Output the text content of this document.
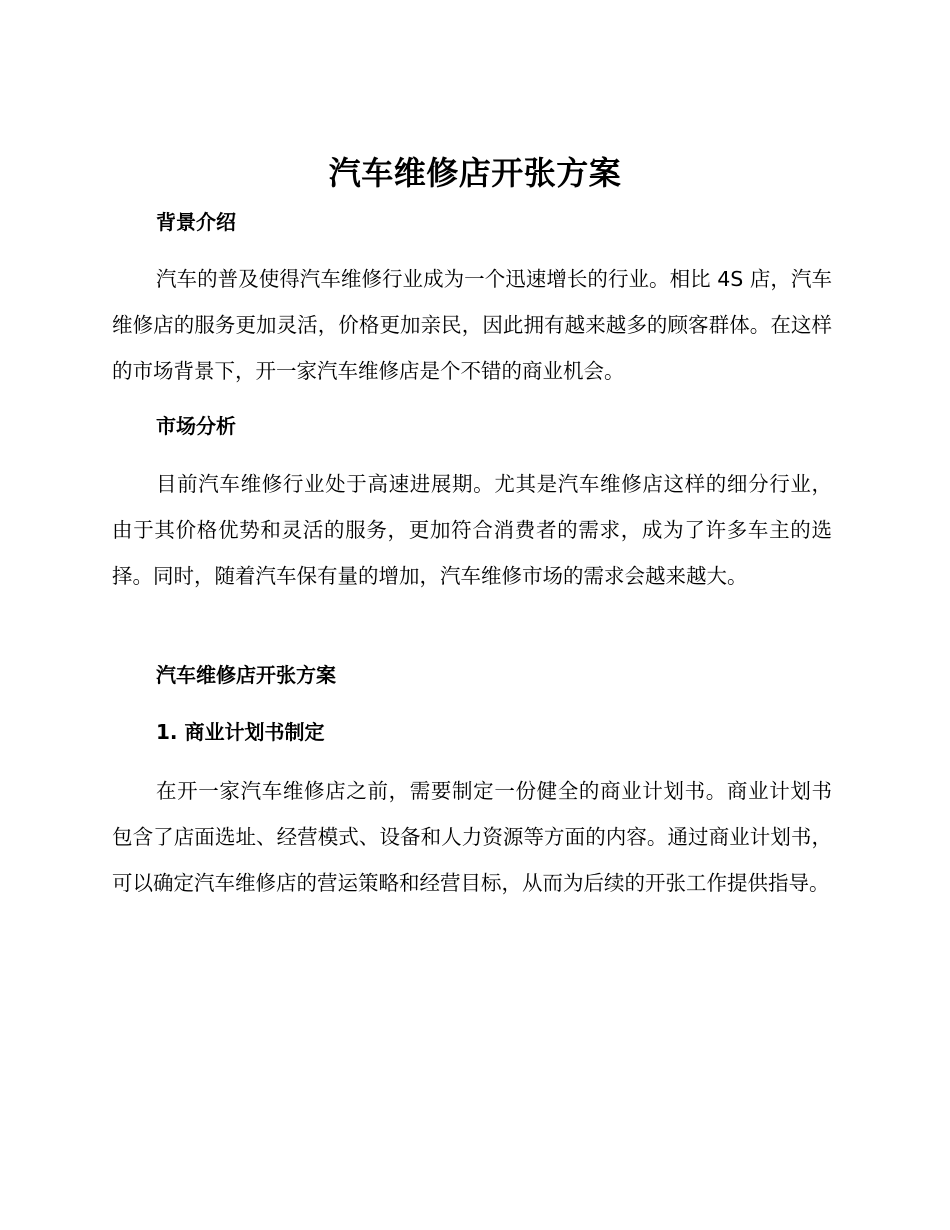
汽车维修店开张方案
背景介绍

汽车的普及使得汽车维修行业成为一个迅速增长的行业。相比 4S 店，汽车维修店的服务更加灵活，价格更加亲民，因此拥有越来越多的顾客群体。在这样的市场背景下，开一家汽车维修店是个不错的商业机会。

市场分析

目前汽车维修行业处于高速进展期。尤其是汽车维修店这样的细分行业，由于其价格优势和灵活的服务，更加符合消费者的需求，成为了许多车主的选择。同时，随着汽车保有量的增加，汽车维修市场的需求会越来越大。

汽车维修店开张方案
1. 商业计划书制定

在开一家汽车维修店之前，需要制定一份健全的商业计划书。商业计划书包含了店面选址、经营模式、设备和人力资源等方面的内容。通过商业计划书，可以确定汽车维修店的营运策略和经营目标，从而为后续的开张工作提供指导。
